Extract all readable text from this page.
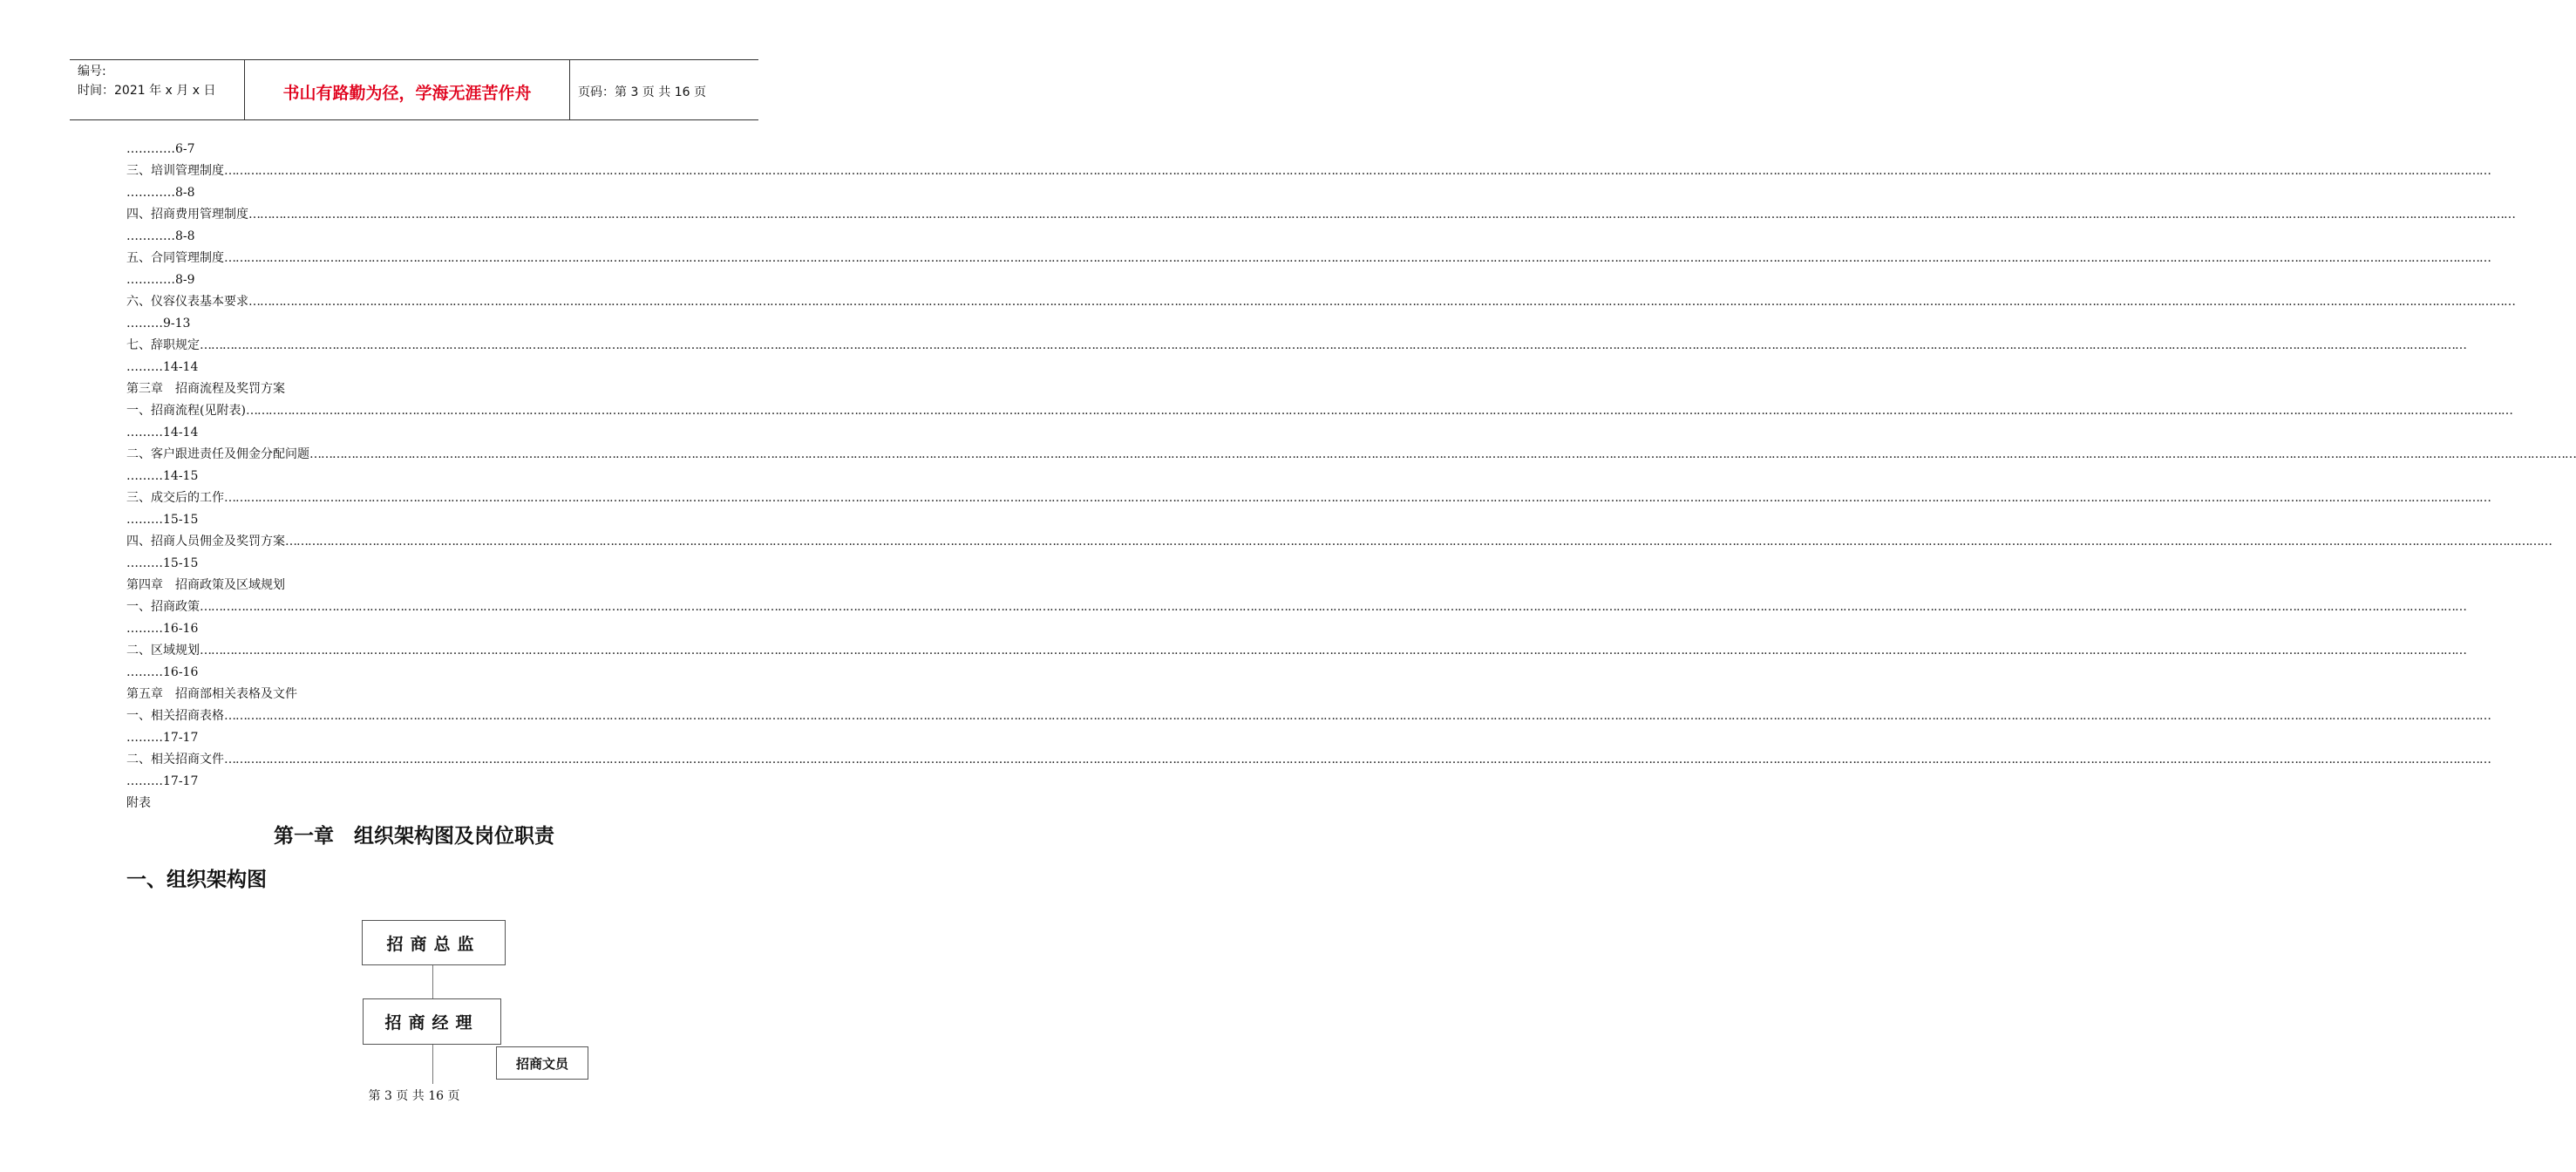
编号:
时间：2021 年 x 月 x 日	书山有路勤为径，学海无涯苦作舟	页码：第 3 页 共 16 页
…………6-7
三、培训管理制度 ……………………………………………………………………………………………………………………………………………………………………………………………………………………………………………………………………………………………………………………………………………………………………………………………………………………………………………………………………………………………………………………………………………………
…………8-8
四、招商费用管理制度 ……………………………………………………………………………………………………………………………………………………………………………………………………………………………………………………………………………………………………………………………………………………………………………………………………………………………………………………………………………………………………………………………………………………
…………8-8
五、合同管理制度 ……………………………………………………………………………………………………………………………………………………………………………………………………………………………………………………………………………………………………………………………………………………………………………………………………………………………………………………………………………………………………………………………………………………
…………8-9
六、仪容仪表基本要求 ……………………………………………………………………………………………………………………………………………………………………………………………………………………………………………………………………………………………………………………………………………………………………………………………………………………………………………………………………………………………………………………………………………………
………9-13
七、辞职规定 ……………………………………………………………………………………………………………………………………………………………………………………………………………………………………………………………………………………………………………………………………………………………………………………………………………………………………………………………………………………………………………………………………………………
………14-14
第三章　招商流程及奖罚方案
一、招商流程(见附表) ……………………………………………………………………………………………………………………………………………………………………………………………………………………………………………………………………………………………………………………………………………………………………………………………………………………………………………………………………………………………………………………………………………………
………14-14
二、客户跟进责任及佣金分配问题 ……………………………………………………………………………………………………………………………………………………………………………………………………………………………………………………………………………………………………………………………………………………………………………………………………………………………………………………………………………………………………………………………………………………
………14-15
三、成交后的工作 ……………………………………………………………………………………………………………………………………………………………………………………………………………………………………………………………………………………………………………………………………………………………………………………………………………………………………………………………………………………………………………………………………………………
………15-15
四、招商人员佣金及奖罚方案 ……………………………………………………………………………………………………………………………………………………………………………………………………………………………………………………………………………………………………………………………………………………………………………………………………………………………………………………………………………………………………………………………………………………
………15-15
第四章　招商政策及区域规划
一、招商政策 ……………………………………………………………………………………………………………………………………………………………………………………………………………………………………………………………………………………………………………………………………………………………………………………………………………………………………………………………………………………………………………………………………………………
………16-16
二、区域规划 ……………………………………………………………………………………………………………………………………………………………………………………………………………………………………………………………………………………………………………………………………………………………………………………………………………………………………………………………………………………………………………………………………………………
………16-16
第五章　招商部相关表格及文件
一、相关招商表格 ……………………………………………………………………………………………………………………………………………………………………………………………………………………………………………………………………………………………………………………………………………………………………………………………………………………………………………………………………………………………………………………………………………………
………17-17
二、相关招商文件 ……………………………………………………………………………………………………………………………………………………………………………………………………………………………………………………………………………………………………………………………………………………………………………………………………………………………………………………………………………………………………………………………………………………
………17-17
附表
第一章　组织架构图及岗位职责
一、组织架构图
招商总监
招商经理
招商文员
第 3 页 共 16 页
